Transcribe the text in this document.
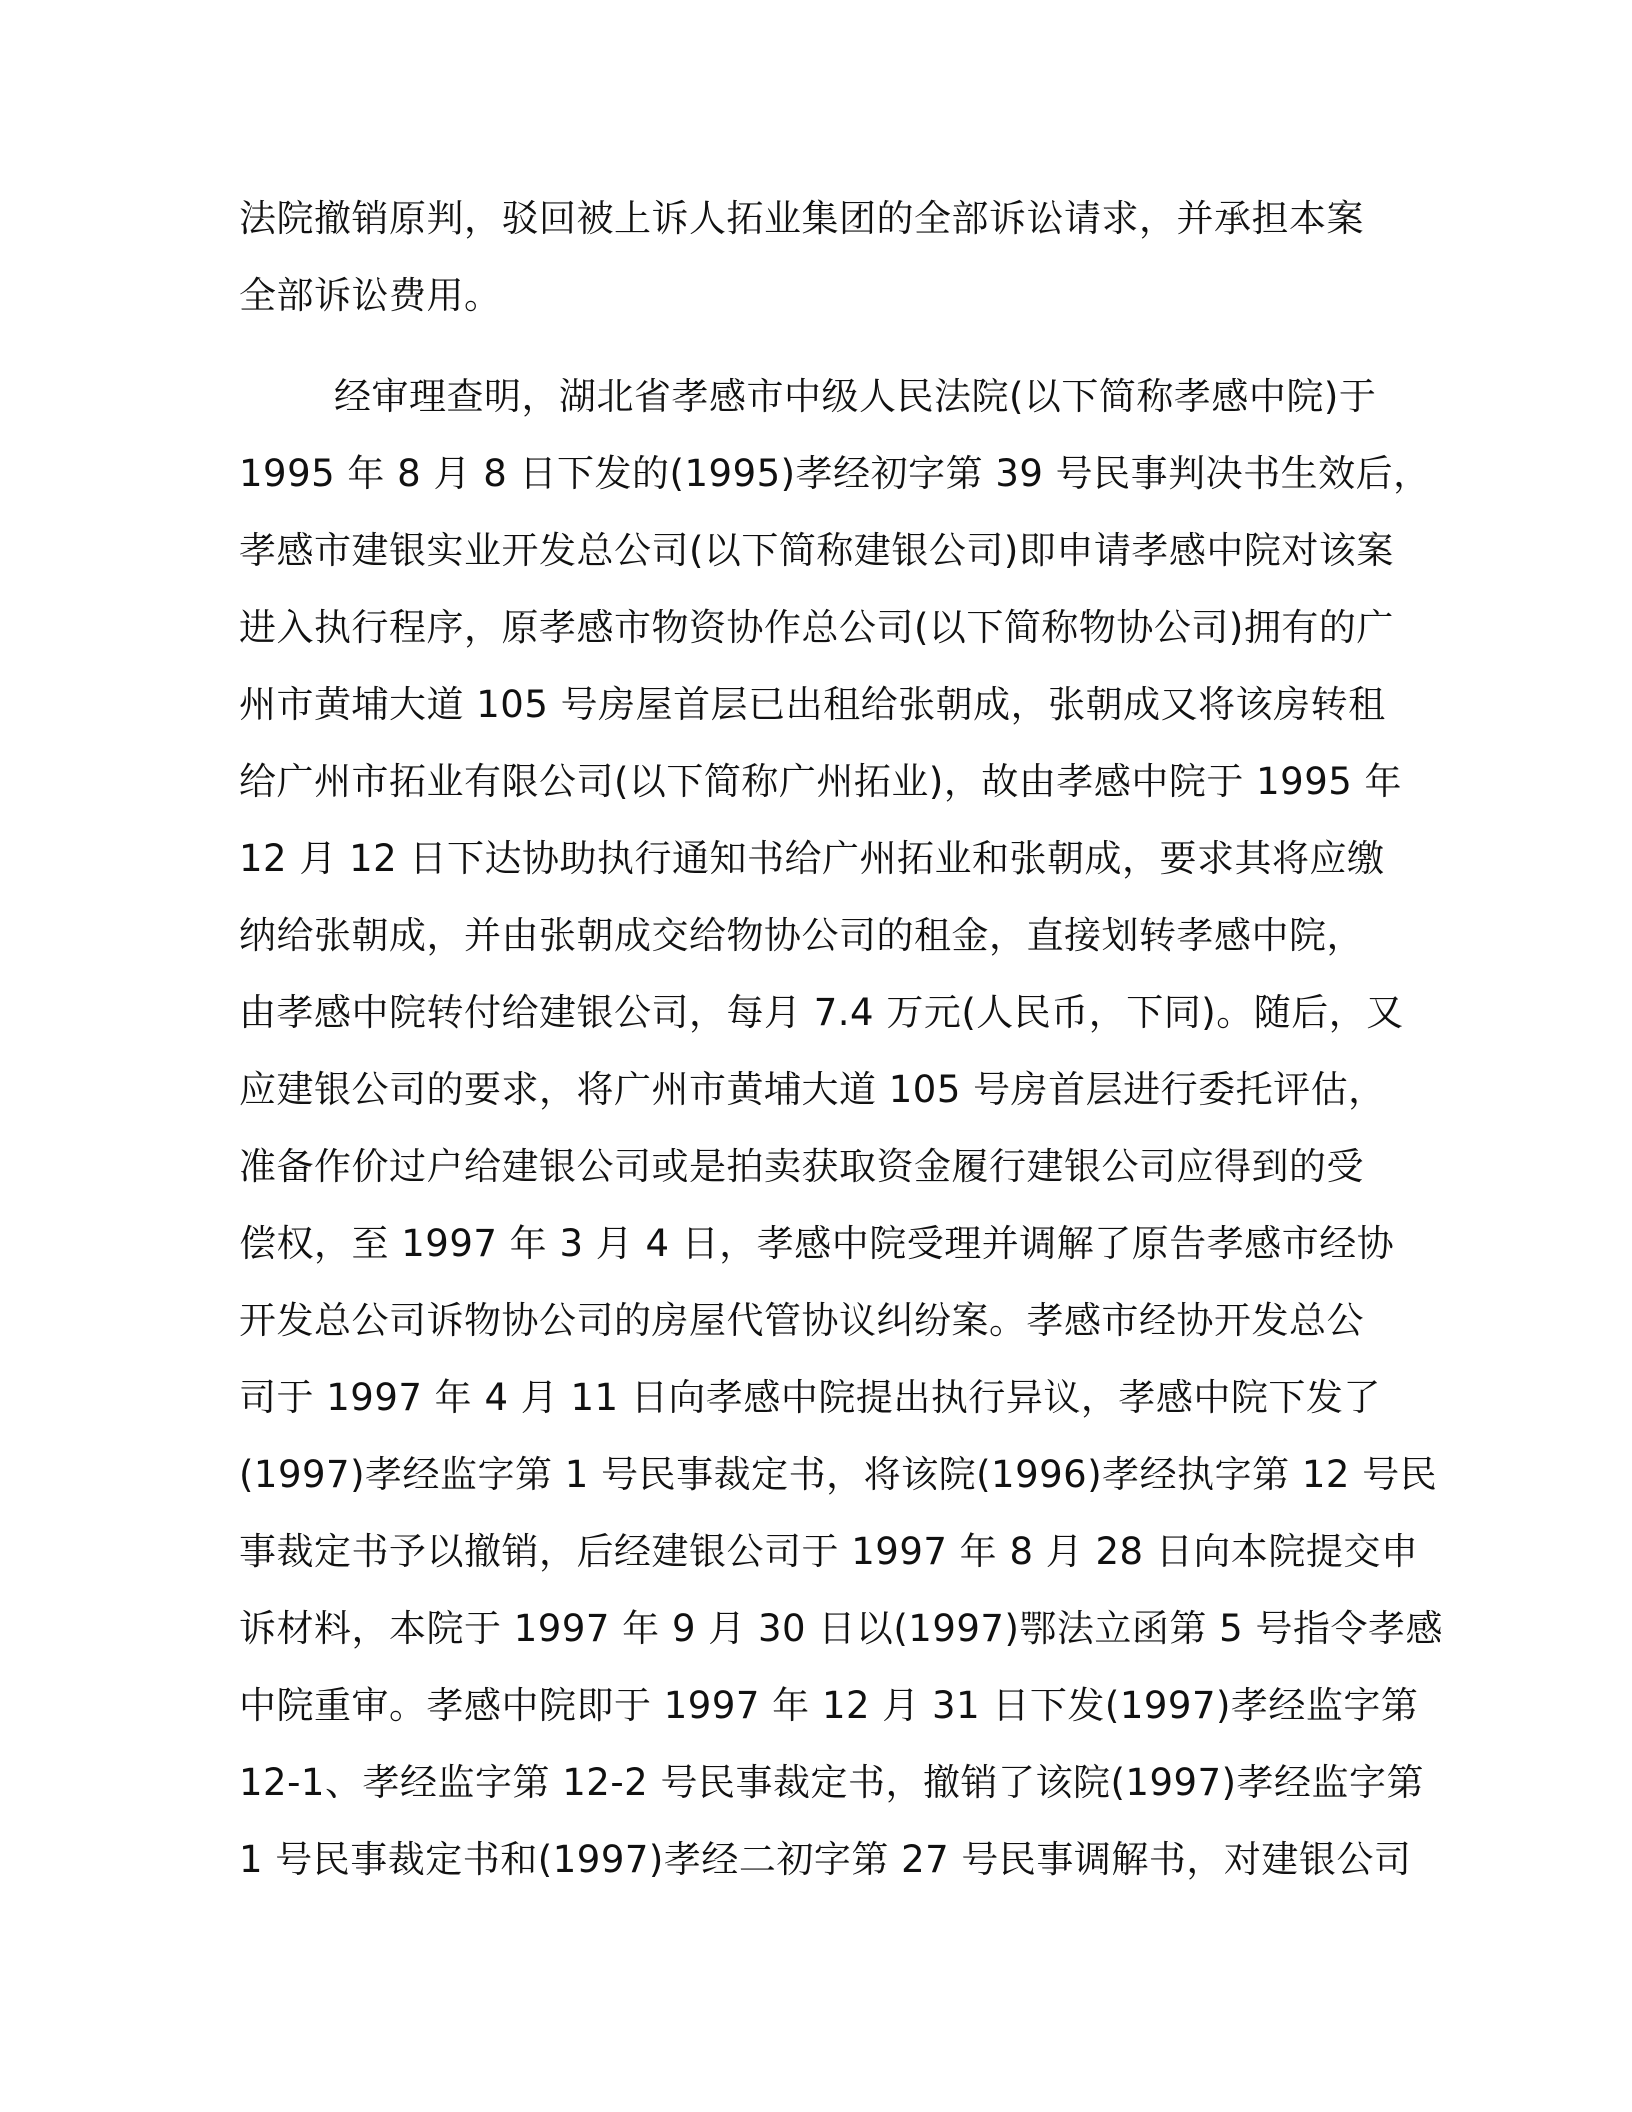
法院撤销原判，驳回被上诉人拓业集团的全部诉讼请求，并承担本案
全部诉讼费用。
经审理查明，湖北省孝感市中级人民法院(以下简称孝感中院)于
1995 年 8 月 8 日下发的(1995)孝经初字第 39 号民事判决书生效后，
孝感市建银实业开发总公司(以下简称建银公司)即申请孝感中院对该案
进入执行程序，原孝感市物资协作总公司(以下简称物协公司)拥有的广
州市黄埔大道 105 号房屋首层已出租给张朝成，张朝成又将该房转租
给广州市拓业有限公司(以下简称广州拓业)，故由孝感中院于 1995 年
12 月 12 日下达协助执行通知书给广州拓业和张朝成，要求其将应缴
纳给张朝成，并由张朝成交给物协公司的租金，直接划转孝感中院，
由孝感中院转付给建银公司，每月 7.4 万元(人民币，下同)。随后，又
应建银公司的要求，将广州市黄埔大道 105 号房首层进行委托评估，
准备作价过户给建银公司或是拍卖获取资金履行建银公司应得到的受
偿权，至 1997 年 3 月 4 日，孝感中院受理并调解了原告孝感市经协
开发总公司诉物协公司的房屋代管协议纠纷案。孝感市经协开发总公
司于 1997 年 4 月 11 日向孝感中院提出执行异议，孝感中院下发了
(1997)孝经监字第 1 号民事裁定书，将该院(1996)孝经执字第 12 号民
事裁定书予以撤销，后经建银公司于 1997 年 8 月 28 日向本院提交申
诉材料，本院于 1997 年 9 月 30 日以(1997)鄂法立函第 5 号指令孝感
中院重审。孝感中院即于 1997 年 12 月 31 日下发(1997)孝经监字第
12-1、孝经监字第 12-2 号民事裁定书，撤销了该院(1997)孝经监字第
1 号民事裁定书和(1997)孝经二初字第 27 号民事调解书，对建银公司
